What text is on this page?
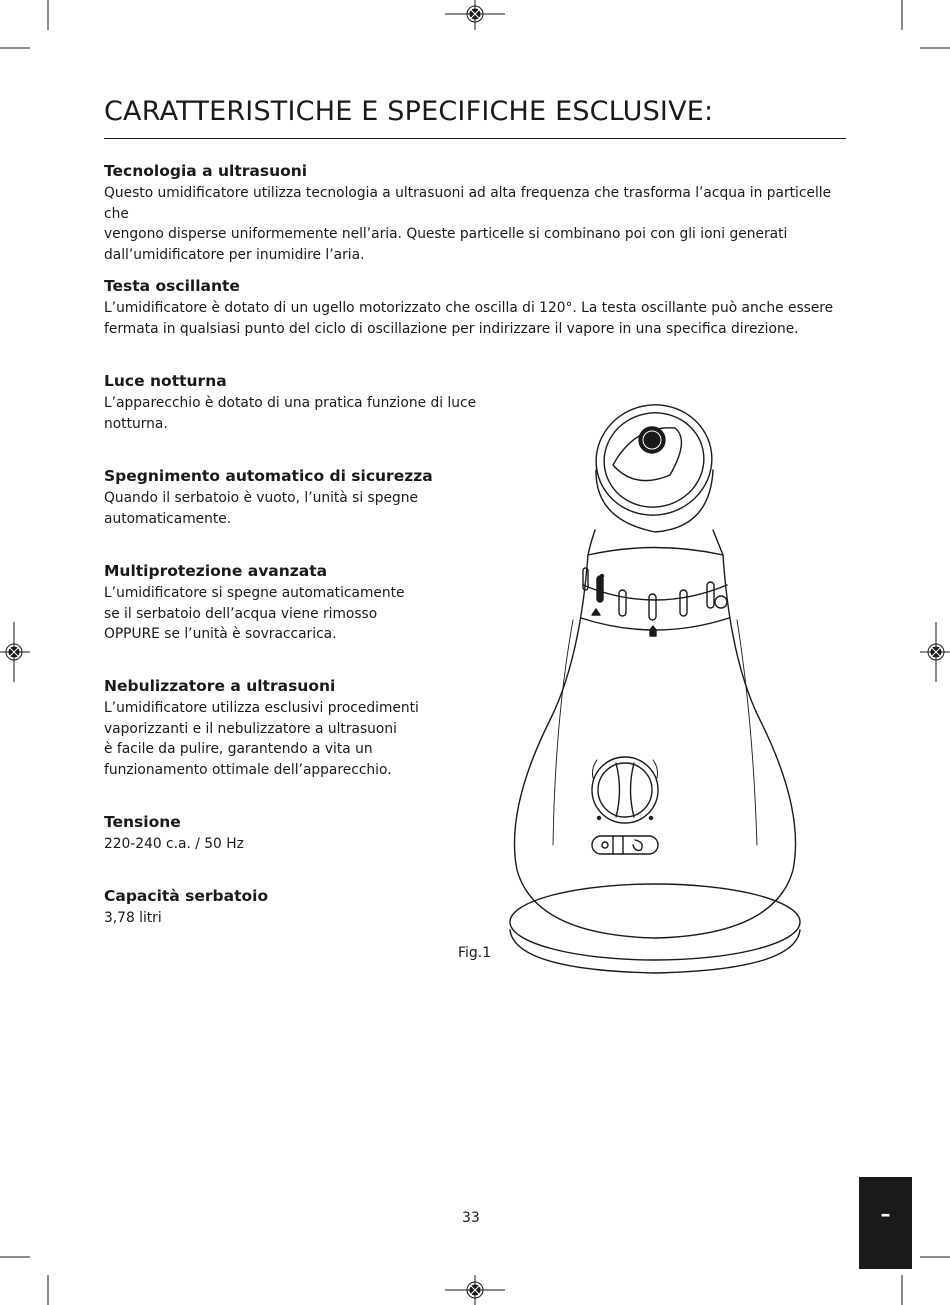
CARATTERISTICHE E SPECIFICHE ESCLUSIVE:
Tecnologia a ultrasuoni

Questo umidificatore utilizza tecnologia a ultrasuoni ad alta frequenza che trasforma l’acqua in particelle che
vengono disperse uniformemente nell’aria. Queste particelle si combinano poi con gli ioni generati
dall’umidificatore per inumidire l’aria.

Testa oscillante

L’umidificatore è dotato di un ugello motorizzato che oscilla di 120°. La testa oscillante può anche essere
fermata in qualsiasi punto del ciclo di oscillazione per indirizzare il vapore in una specifica direzione.

Luce notturna

L’apparecchio è dotato di una pratica funzione di luce
notturna.

Spegnimento automatico di sicurezza

Quando il serbatoio è vuoto, l’unità si spegne
automaticamente.

Multiprotezione avanzata

L’umidificatore si spegne automaticamente
se il serbatoio dell’acqua viene rimosso
OPPURE se l’unità è sovraccarica.

Nebulizzatore a ultrasuoni

L’umidificatore utilizza esclusivi procedimenti
vaporizzanti e il nebulizzatore a ultrasuoni
è facile da pulire, garantendo a vita un
funzionamento ottimale dell’apparecchio.

Tensione

220-240 c.a. / 50 Hz

Capacità serbatoio

3,78 litri

Fig.1
33	–
